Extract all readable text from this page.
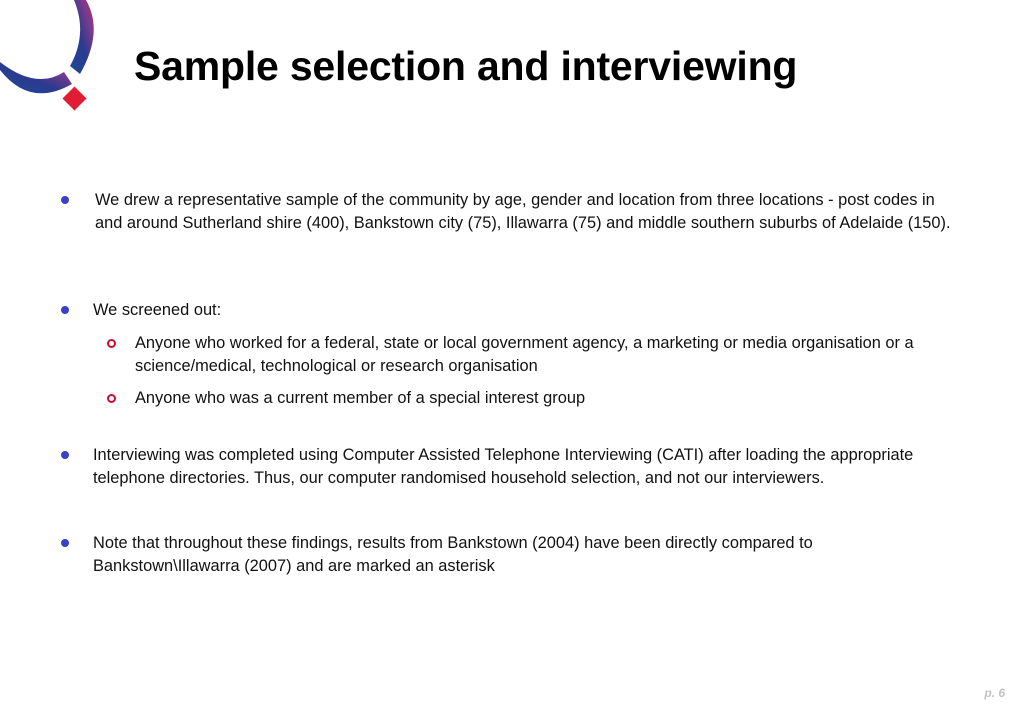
Sample selection and interviewing
We drew a representative sample of the community by age, gender and location from three locations - post codes in and around Sutherland shire (400), Bankstown city (75), Illawarra (75) and middle southern suburbs of Adelaide (150).
We screened out:
Anyone who worked for a federal, state or local government agency, a marketing or media organisation or a science/medical, technological or research organisation
Anyone who was a current member of a special interest group
Interviewing was completed using Computer Assisted Telephone Interviewing (CATI) after loading the appropriate telephone directories. Thus, our computer randomised household selection, and not our interviewers.
Note that throughout these findings, results from Bankstown (2004) have been directly compared to Bankstown\Illawarra (2007) and are marked an asterisk
p. 6
